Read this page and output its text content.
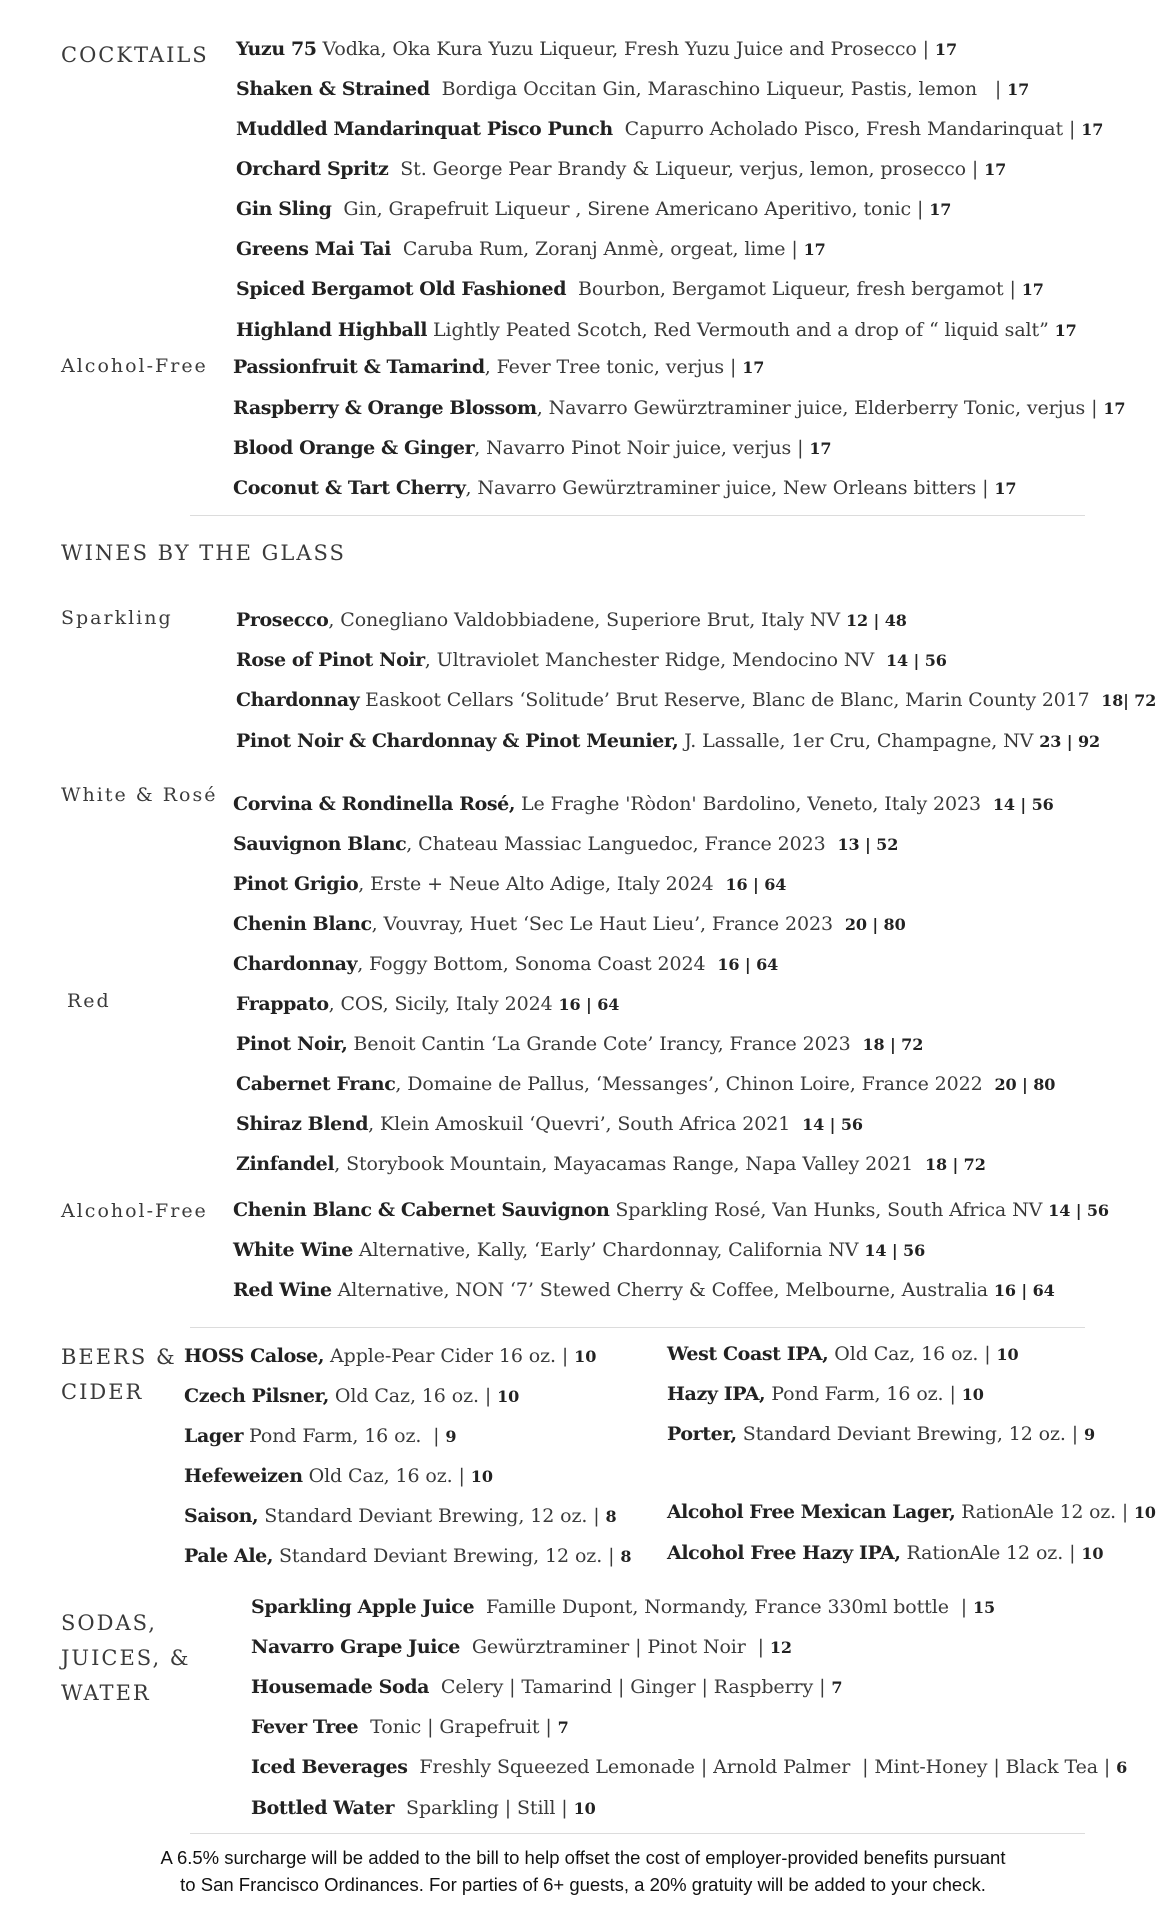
COCKTAILS
Alcohol-Free
WINES BY THE GLASS
Sparkling
White & Rosé
Red
Alcohol-Free
BEERS &
CIDER
SODAS,
JUICES, &
WATER
Yuzu 75 Vodka, Oka Kura Yuzu Liqueur, Fresh Yuzu Juice and Prosecco | 17
Shaken & Strained  Bordiga Occitan Gin, Maraschino Liqueur, Pastis, lemon   | 17
Muddled Mandarinquat Pisco Punch  Capurro Acholado Pisco, Fresh Mandarinquat | 17
Orchard Spritz  St. George Pear Brandy & Liqueur, verjus, lemon, prosecco | 17
Gin Sling  Gin, Grapefruit Liqueur , Sirene Americano Aperitivo, tonic | 17
Greens Mai Tai  Caruba Rum, Zoranj Anmè, orgeat, lime | 17
Spiced Bergamot Old Fashioned  Bourbon, Bergamot Liqueur, fresh bergamot | 17
Highland Highball Lightly Peated Scotch, Red Vermouth and a drop of “ liquid salt” 17
Passionfruit & Tamarind, Fever Tree tonic, verjus | 17
Raspberry & Orange Blossom, Navarro Gewürztraminer juice, Elderberry Tonic, verjus | 17
Blood Orange & Ginger, Navarro Pinot Noir juice, verjus | 17
Coconut & Tart Cherry, Navarro Gewürztraminer juice, New Orleans bitters | 17
Prosecco, Conegliano Valdobbiadene, Superiore Brut, Italy NV 12 | 48
Rose of Pinot Noir, Ultraviolet Manchester Ridge, Mendocino NV  14 | 56
Chardonnay Easkoot Cellars ‘Solitude’ Brut Reserve, Blanc de Blanc, Marin County 2017  18| 72
Pinot Noir & Chardonnay & Pinot Meunier, J. Lassalle, 1er Cru, Champagne, NV 23 | 92
Corvina & Rondinella Rosé, Le Fraghe 'Ròdon' Bardolino, Veneto, Italy 2023  14 | 56
Sauvignon Blanc, Chateau Massiac Languedoc, France 2023  13 | 52
Pinot Grigio, Erste + Neue Alto Adige, Italy 2024  16 | 64
Chenin Blanc, Vouvray, Huet ‘Sec Le Haut Lieu’, France 2023  20 | 80
Chardonnay, Foggy Bottom, Sonoma Coast 2024  16 | 64
Frappato, COS, Sicily, Italy 2024 16 | 64
Pinot Noir, Benoit Cantin ‘La Grande Cote’ Irancy, France 2023  18 | 72
Cabernet Franc, Domaine de Pallus, ‘Messanges’, Chinon Loire, France 2022  20 | 80
Shiraz Blend, Klein Amoskuil ‘Quevri’, South Africa 2021  14 | 56
Zinfandel, Storybook Mountain, Mayacamas Range, Napa Valley 2021  18 | 72
Chenin Blanc & Cabernet Sauvignon Sparkling Rosé, Van Hunks, South Africa NV 14 | 56
White Wine Alternative, Kally, ‘Early’ Chardonnay, California NV 14 | 56
Red Wine Alternative, NON ‘7’ Stewed Cherry & Coffee, Melbourne, Australia 16 | 64
HOSS Calose, Apple-Pear Cider 16 oz. | 10
Czech Pilsner, Old Caz, 16 oz. | 10
Lager Pond Farm, 16 oz.  | 9
Hefeweizen Old Caz, 16 oz. | 10
Saison, Standard Deviant Brewing, 12 oz. | 8
Pale Ale, Standard Deviant Brewing, 12 oz. | 8
West Coast IPA, Old Caz, 16 oz. | 10
Hazy IPA, Pond Farm, 16 oz. | 10
Porter, Standard Deviant Brewing, 12 oz. | 9
Alcohol Free Mexican Lager, RationAle 12 oz. | 10
Alcohol Free Hazy IPA, RationAle 12 oz. | 10
Sparkling Apple Juice  Famille Dupont, Normandy, France 330ml bottle  | 15
Navarro Grape Juice  Gewürztraminer | Pinot Noir  | 12
Housemade Soda  Celery | Tamarind | Ginger | Raspberry | 7
Fever Tree  Tonic | Grapefruit | 7
Iced Beverages  Freshly Squeezed Lemonade | Arnold Palmer  | Mint-Honey | Black Tea | 6
Bottled Water  Sparkling | Still | 10
A 6.5% surcharge will be added to the bill to help offset the cost of employer-provided benefits pursuant
to San Francisco Ordinances. For parties of 6+ guests, a 20% gratuity will be added to your check.
